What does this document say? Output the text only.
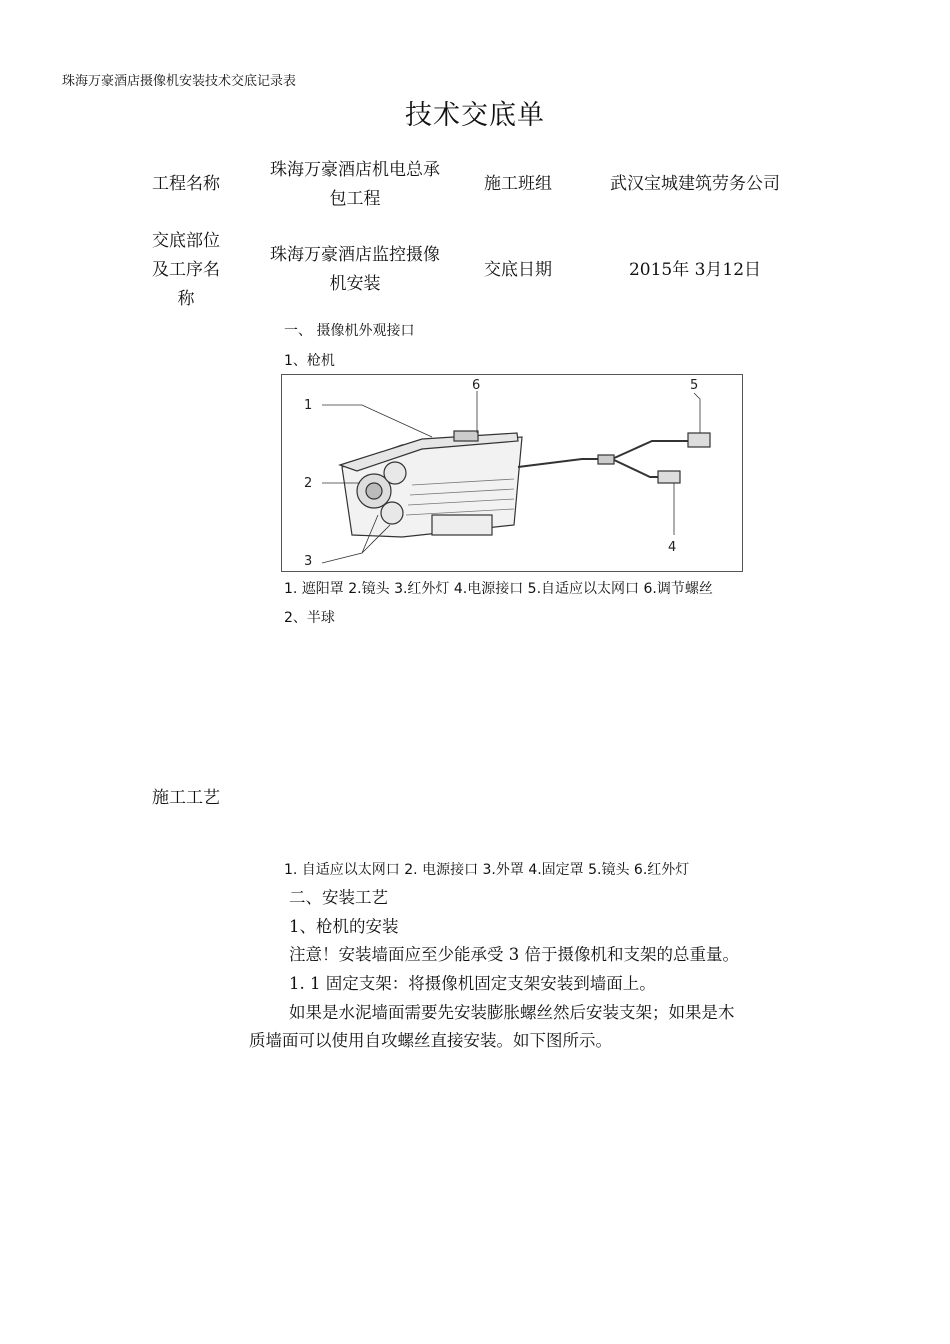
珠海万豪酒店摄像机安装技术交底记录表
技术交底单
工程名称
珠海万豪酒店机电总承
包工程
施工班组	武汉宝城建筑劳务公司
交底部位
及工序名
称
珠海万豪酒店监控摄像
机安装
交底日期	2015年 3月12日
一、 摄像机外观接口
1、枪机
1
2
3
4
5
6
1. 遮阳罩 2.镜头 3.红外灯 4.电源接口 5.自适应以太网口 6.调节螺丝
2、半球
施工工艺
1. 自适应以太网口 2. 电源接口 3.外罩 4.固定罩 5.镜头 6.红外灯
二、安装工艺
1、枪机的安装
注意！安装墙面应至少能承受 3 倍于摄像机和支架的总重量。
1. 1 固定支架：将摄像机固定支架安装到墙面上。
如果是水泥墙面需要先安装膨胀螺丝然后安装支架；如果是木
质墙面可以使用自攻螺丝直接安装。如下图所示。
